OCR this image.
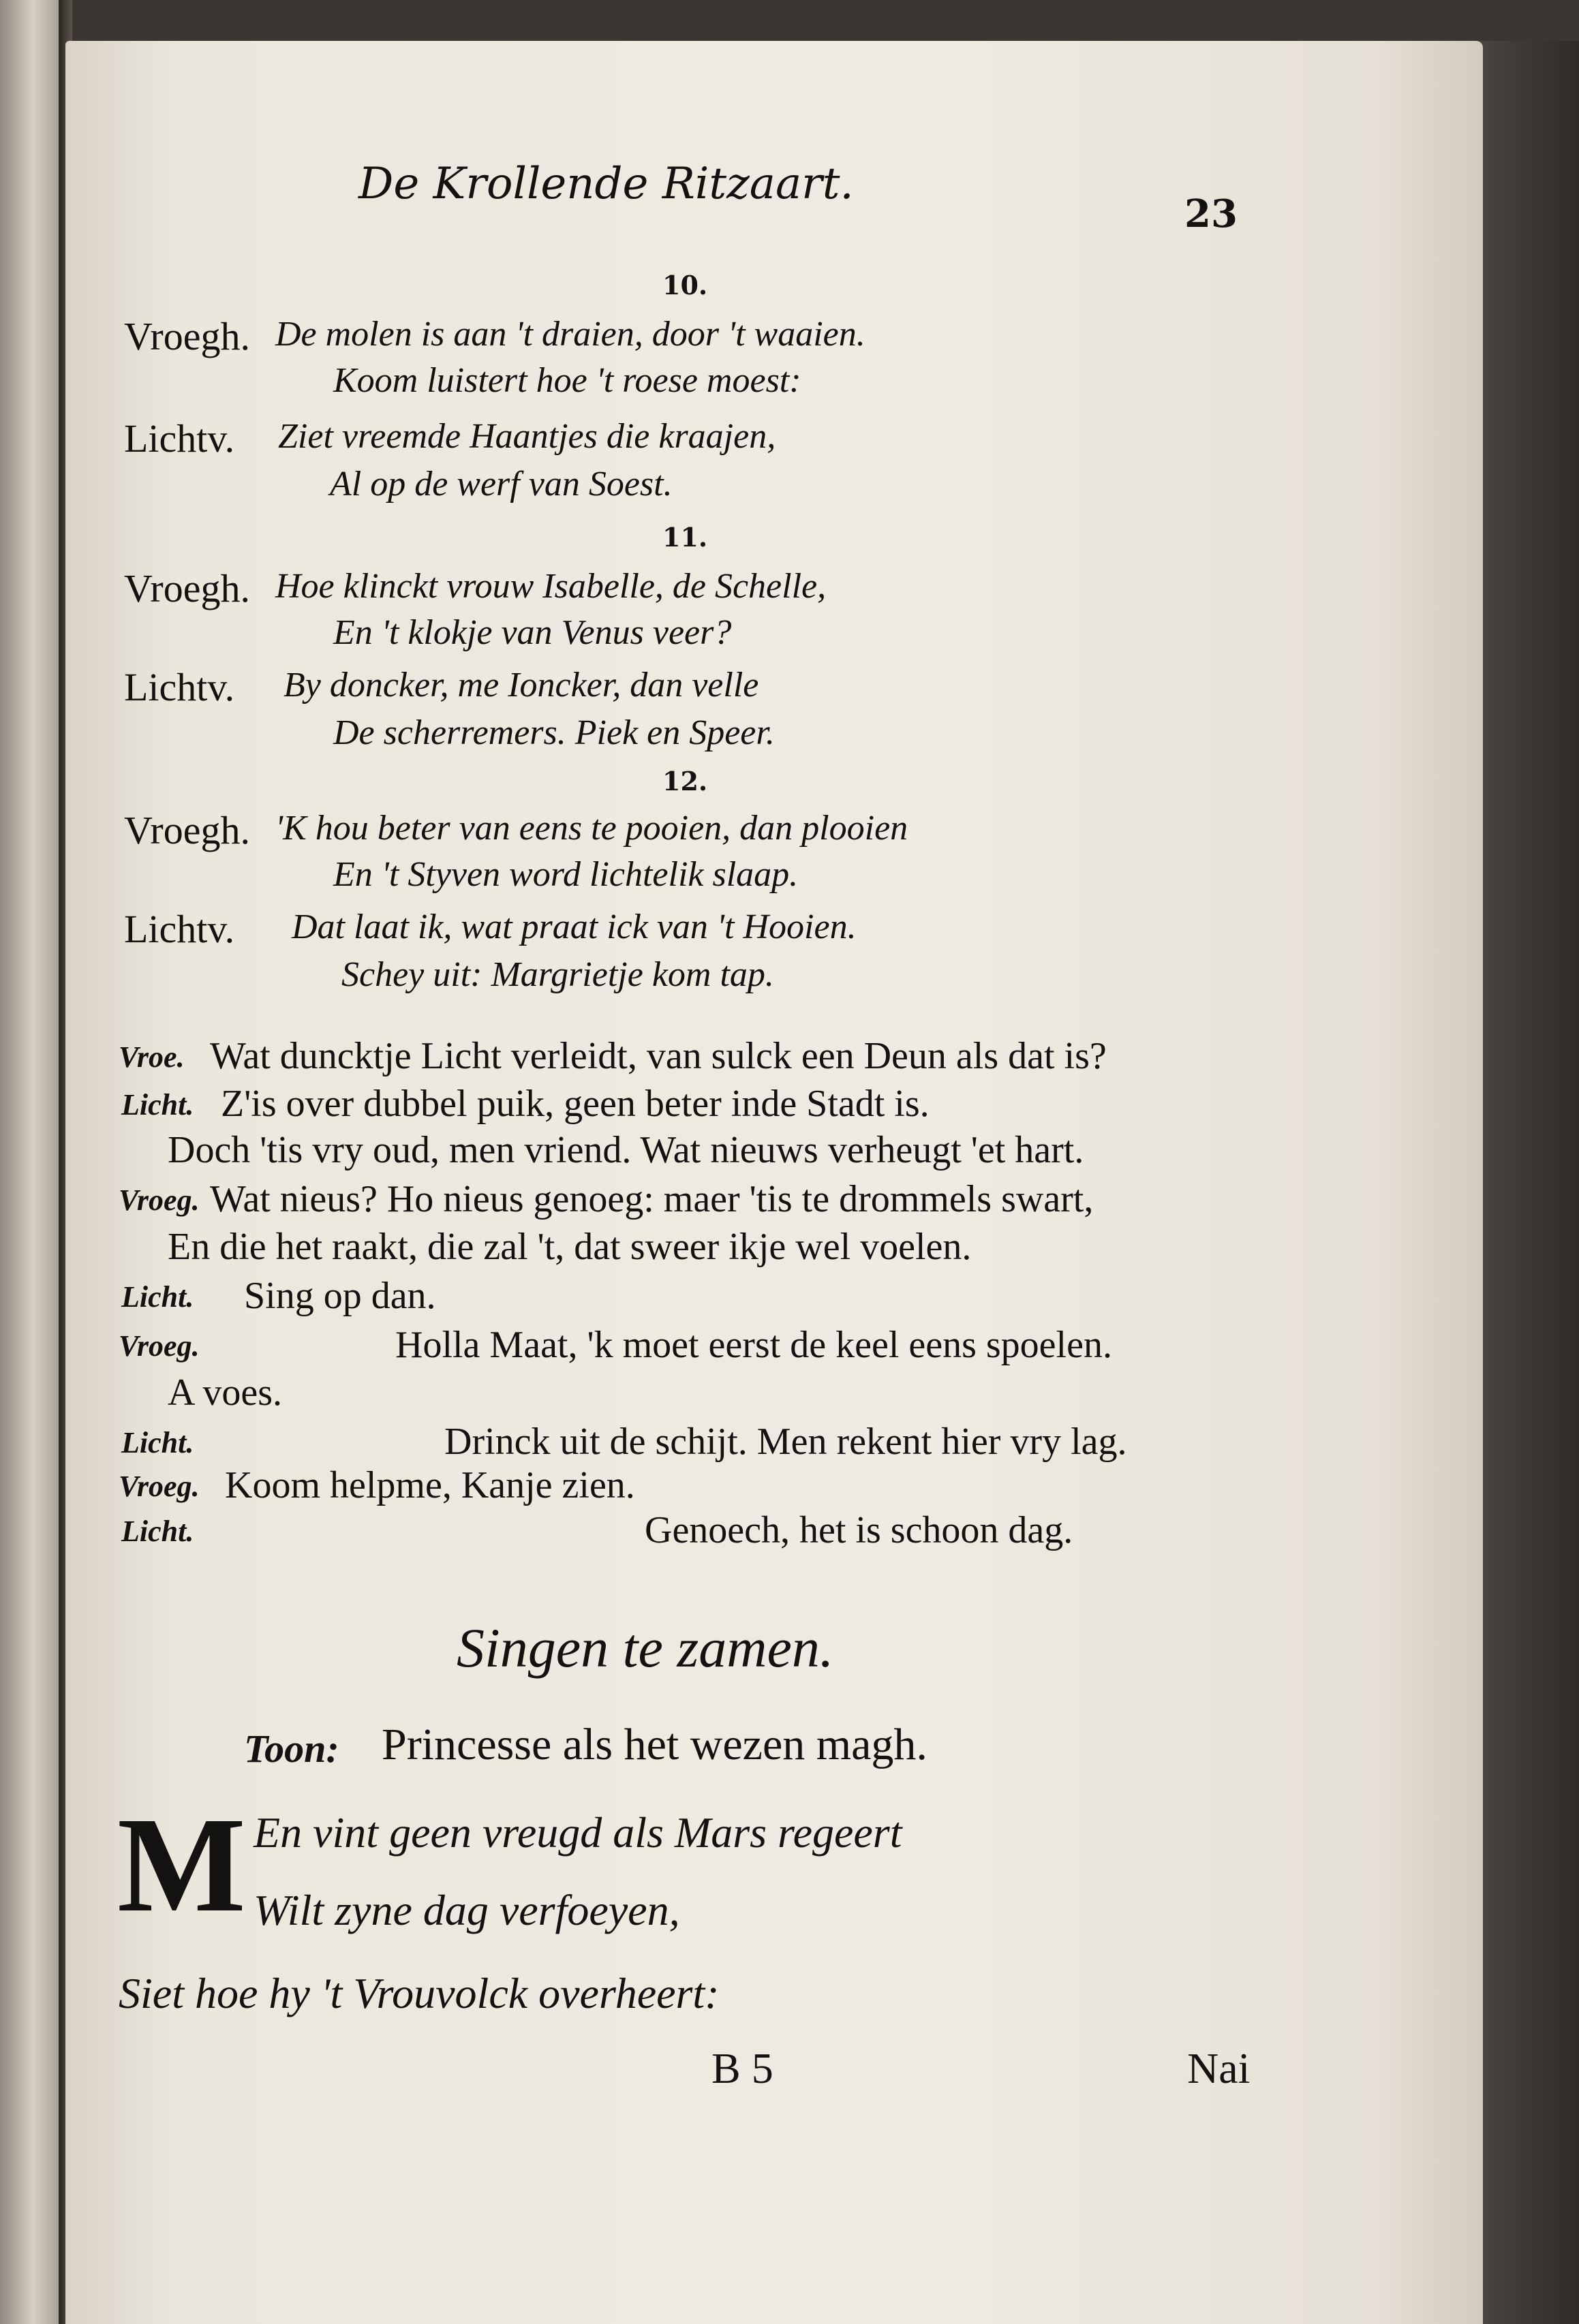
De Krollende Ritzaart.
23
10.
Vroegh. De molen is aan 't draien, door 't waaien.
Koom luistert hoe 't roese moest:
Lichtv. Ziet vreemde Haantjes die kraajen,
Al op de werf van Soest.
11.
Vroegh. Hoe klinckt vrouw Isabelle, de Schelle,
En 't klokje van Venus veer?
Lichtv. By doncker, me Ioncker, dan velle
De scherremers. Piek en Speer.
12.
Vroegh. 'K hou beter van eens te pooien, dan plooien
En 't Styven word lichtelik slaap.
Lichtv. Dat laat ik, wat praat ick van 't Hooien.
Schey uit: Margrietje kom tap.
Vroe. Wat duncktje Licht verleidt, van sulck een Deun als dat is?
Licht. Z'is over dubbel puik, geen beter inde Stadt is.
Doch 'tis vry oud, men vriend. Wat nieuws verheugt 'et hart.
Vroeg. Wat nieus? Ho nieus genoeg: maer 'tis te drommels swart,
En die het raakt, die zal 't, dat sweer ikje wel voelen.
Licht. Sing op dan.
Vroeg.	Holla Maat, 'k moet eerst de keel eens spoelen.
A voes.
Licht.	Drinck uit de schijt. Men rekent hier vry lag.
Vroeg. Koom helpme, Kanje zien.
Licht.	Genoech, het is schoon dag.
Singen te zamen.
Toon: Princesse als het wezen magh.
M En vint geen vreugd als Mars regeert
Wilt zyne dag verfoeyen,
Siet hoe hy 't Vrouvolck overheert:
B 5	Nai
